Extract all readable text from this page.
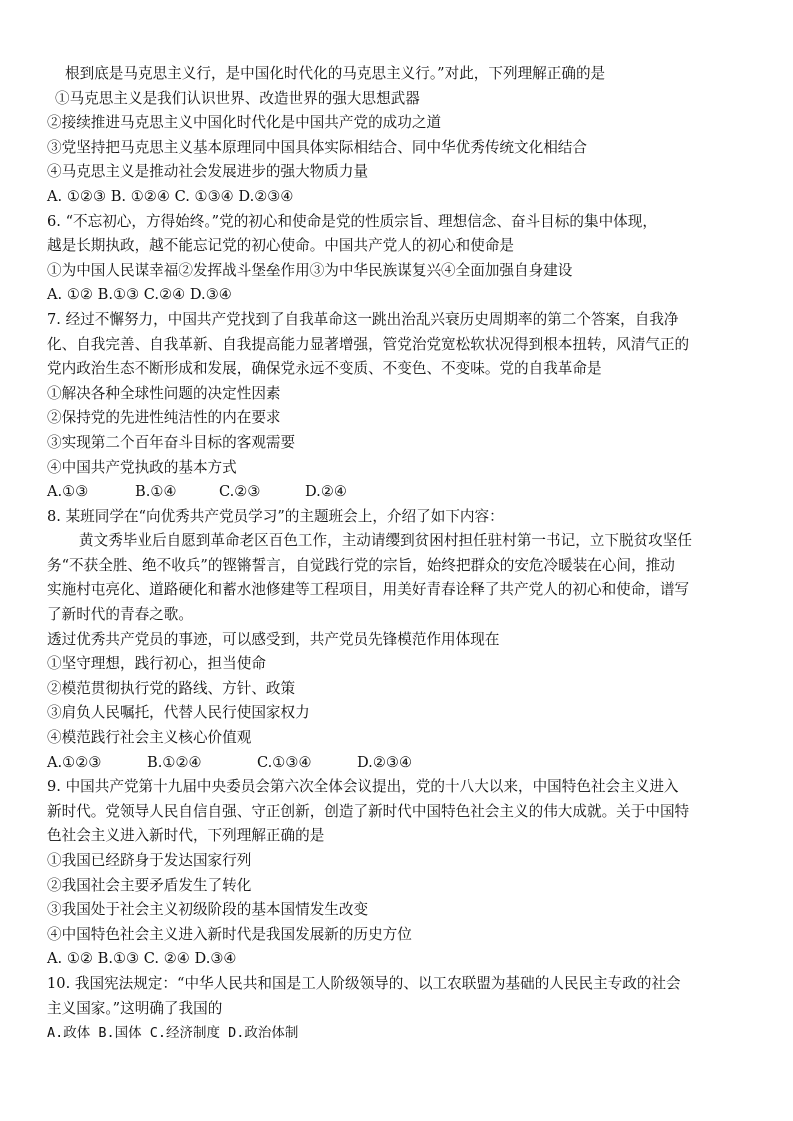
根到底是马克思主义行，是中国化时代化的马克思主义行。”对此，下列理解正确的是
①马克思主义是我们认识世界、改造世界的强大思想武器
②接续推进马克思主义中国化时代化是中国共产党的成功之道
③党坚持把马克思主义基本原理同中国具体实际相结合、同中华优秀传统文化相结合
④马克思主义是推动社会发展进步的强大物质力量
A. ①②③ B. ①②④ C. ①③④ D.②③④
6. “不忘初心，方得始终。”党的初心和使命是党的性质宗旨、理想信念、奋斗目标的集中体现，
越是长期执政，越不能忘记党的初心使命。中国共产党人的初心和使命是
①为中国人民谋幸福②发挥战斗堡垒作用③为中华民族谋复兴④全面加强自身建设
A. ①② B.①③ C.②④ D.③④
7. 经过不懈努力，中国共产党找到了自我革命这一跳出治乱兴衰历史周期率的第二个答案，自我净
化、自我完善、自我革新、自我提高能力显著增强，管党治党宽松软状况得到根本扭转，风清气正的
党内政治生态不断形成和发展，确保党永远不变质、不变色、不变味。党的自我革命是
①解决各种全球性问题的决定性因素
②保持党的先进性纯洁性的内在要求
③实现第二个百年奋斗目标的客观需要
④中国共产党执政的基本方式
A.①③	B.①④	C.②③	D.②④
8. 某班同学在“向优秀共产党员学习”的主题班会上，介绍了如下内容：
黄文秀毕业后自愿到革命老区百色工作，主动请缨到贫困村担任驻村第一书记，立下脱贫攻坚任
务“不获全胜、绝不收兵”的铿锵誓言，自觉践行党的宗旨，始终把群众的安危冷暖装在心间，推动
实施村屯亮化、道路硬化和蓄水池修建等工程项目，用美好青春诠释了共产党人的初心和使命，谱写
了新时代的青春之歌。
透过优秀共产党员的事迹，可以感受到，共产党员先锋模范作用体现在
①坚守理想，践行初心，担当使命
②模范贯彻执行党的路线、方针、政策
③肩负人民嘱托，代替人民行使国家权力
④模范践行社会主义核心价值观
A.①②③	B.①②④	C.①③④	D.②③④
9. 中国共产党第十九届中央委员会第六次全体会议提出，党的十八大以来，中国特色社会主义进入
新时代。党领导人民自信自强、守正创新，创造了新时代中国特色社会主义的伟大成就。关于中国特
色社会主义进入新时代，下列理解正确的是
①我国已经跻身于发达国家行列
②我国社会主要矛盾发生了转化
③我国处于社会主义初级阶段的基本国情发生改变
④中国特色社会主义进入新时代是我国发展新的历史方位
A. ①② B.①③ C. ②④ D.③④
10. 我国宪法规定：“中华人民共和国是工人阶级领导的、以工农联盟为基础的人民民主专政的社会
主义国家。”这明确了我国的
A.政体 B.国体 C.经济制度 D.政治体制
